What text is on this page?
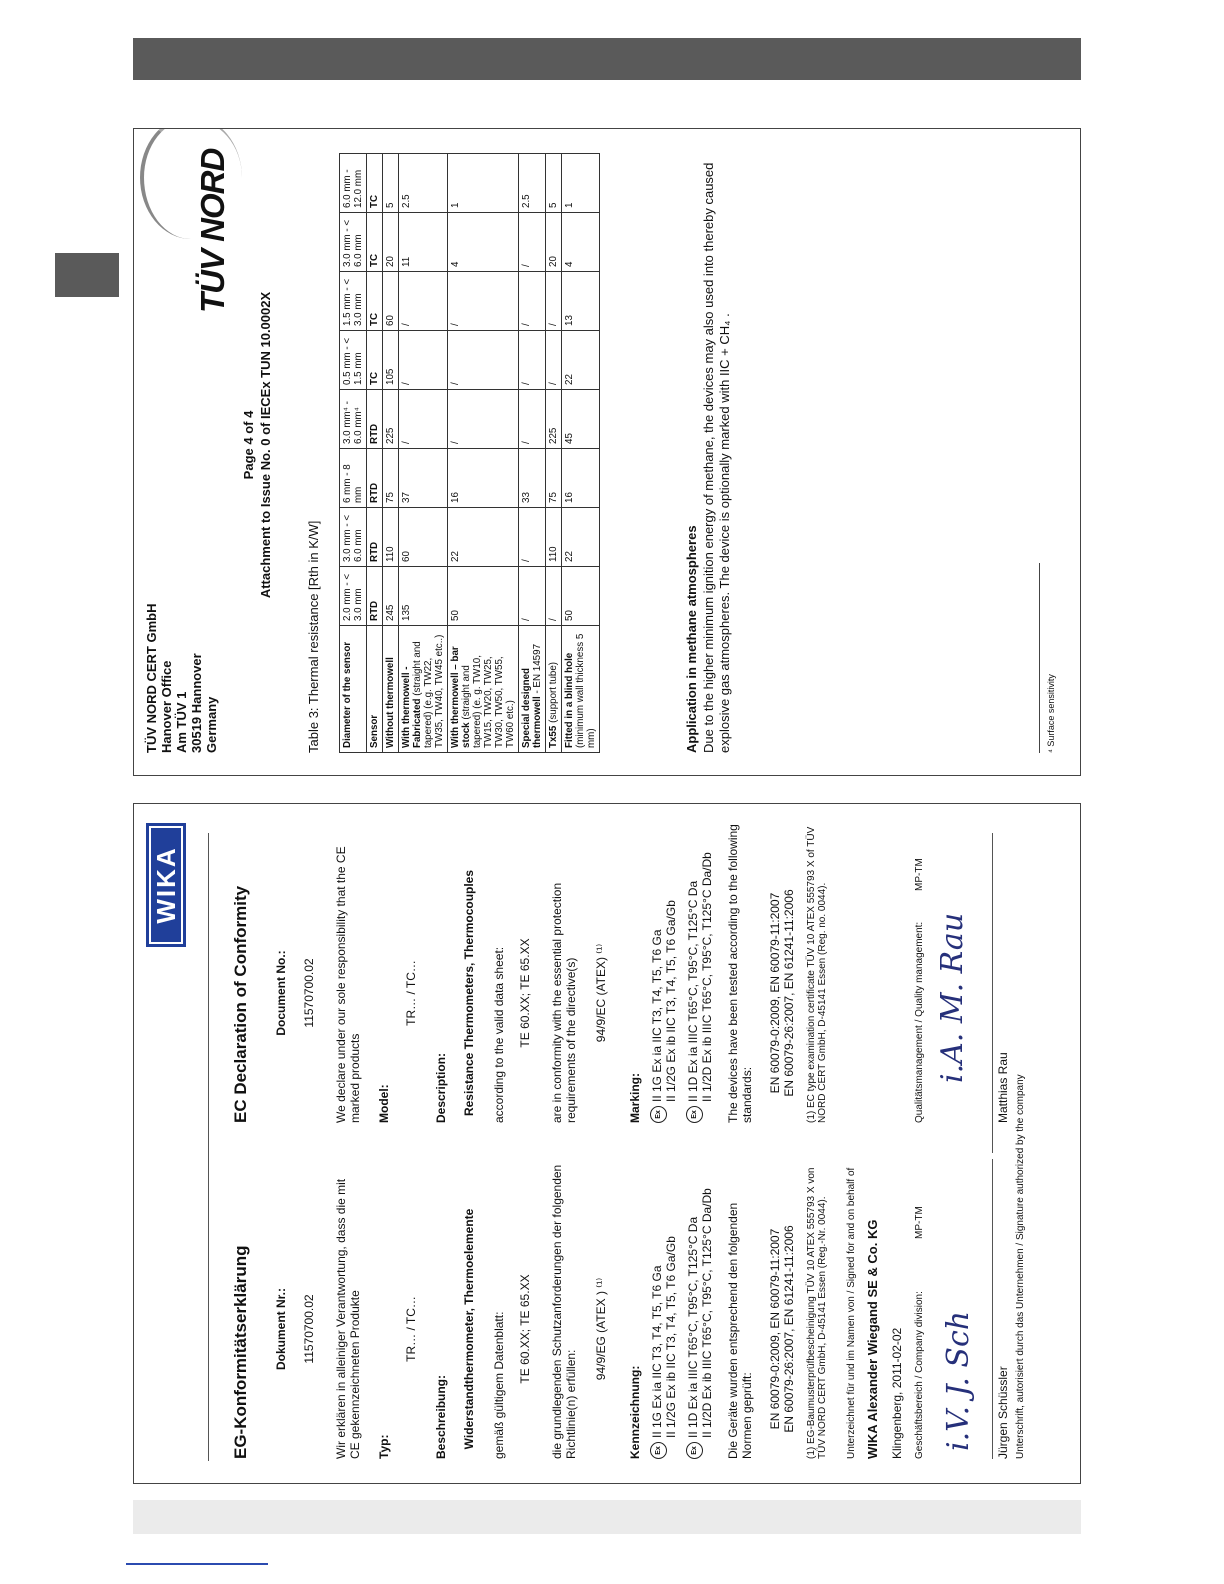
TÜV NORD CERT GmbH Hanover Office Am TÜV 1 30519 Hannover Germany
Page 4 of 4 Attachment to Issue No. 0 of IECEx TUN 10.0002X
TÜV NORD
Table 3: Thermal resistance [Rth in K/W] Diameter of the sensor	2.0 mm - < 3.0 mm	3.0 mm - < 6.0 mm	6 mm - 8 mm	3.0 mm⁴ - 6.0 mm⁴	0.5 mm - < 1.5 mm	1.5 mm - < 3.0 mm	3.0 mm - < 6.0 mm	6.0 mm - 12.0 mm
Sensor	RTD	RTD	RTD	RTD	TC	TC	TC	TC
Without thermowell	245	110	75	225	105	60	20	5
With thermowell - Fabricated (straight and tapered) (e.g. TW22, TW35, TW40, TW45 etc..)	135	60	37	/	/	/	11	2.5
With thermowell – bar stock (straight and tapered) (e. g. TW10, TW15, TW20, TW25, TW30, TW50, TW55, TW60 etc.)	50	22	16	/	/	/	4	1
Special designed thermowell - EN 14597	/	/	33	/	/	/	/	2.5
Tx55 (support tube)	/	110	75	225	/	/	20	5
Fitted in a blind hole (minimum wall thickness 5 mm)	50	22	16	45	22	13	4	1
Application in methane atmospheres Due to the higher minimum ignition energy of methane, the devices may also used into thereby caused explosive gas atmospheres. The device is optionally marked with IIC + CH₄ .	⁴ Surface sensitivity
WIKA
EG-Konformitätserklärung Dokument Nr.: 11570700.02 Wir erklären in alleiniger Verantwortung, dass die mit CE gekennzeichneten Produkte Typ:
TR… / TC…
Beschreibung: Widerstandthermometer, Thermoelemente gemäß gültigem Datenblatt: TE 60.XX; TE 65.XX die grundlegenden Schutzanforderungen der folgenden Richtlinie(n) erfüllen:
94/9/EG (ATEX ) ⁽¹⁾
Kennzeichnung:	ExII 1G Ex ia IIC T3, T4, T5, T6 Ga
II 1/2G Ex ib IIC T3, T4, T5, T6 Ga/Gb
ExII 1D Ex ia IIIC T65°C, T95°C, T125°C Da
II 1/2D Ex ib IIIC T65°C, T95°C, T125°C Da/Db Die Geräte wurden entsprechend den folgenden Normen geprüft: EN 60079-0:2009, EN 60079-11:2007 EN 60079-26:2007, EN 61241-11:2006 (1) EG-Baumusterprüfbescheinigung TÜV 10 ATEX 555793 X von TÜV NORD CERT GmbH, D-45141 Essen (Reg.-Nr. 0044). Unterzeichnet für und im Namen von / Signed for and on behalf of WIKA Alexander Wiegand SE & Co. KG Klingenberg, 2011-02-02 Geschäftsbereich / Company division:
MP-TM
i.V. J. Sch Jürgen Schüssler Unterschrift, autorisiert durch das Unternehmen / Signature authorized by the company
EC Declaration of Conformity Document No.: 11570700.02 We declare under our sole responsibility that the CE marked products Model:
TR… / TC…
Description: Resistance Thermometers, Thermocouples according to the valid data sheet: TE 60.XX; TE 65.XX are in conformity with the essential protection requirements of the directive(s) 94/9/EC (ATEX) ⁽¹⁾
Marking:	ExII 1G Ex ia IIC T3, T4, T5, T6 Ga
II 1/2G Ex ib IIC T3, T4, T5, T6 Ga/Gb
ExII 1D Ex ia IIIC T65°C, T95°C, T125°C Da
II 1/2D Ex ib IIIC T65°C, T95°C, T125°C Da/Db The devices have been tested according to the following standards:
EN 60079-0:2009, EN 60079-11:2007 EN 60079-26:2007, EN 61241-11:2006 (1) EC type examination certificate TÜV 10 ATEX 555793 X of TÜV NORD CERT GmbH, D-45141 Essen (Reg. no. 0044).	Qualitätsmanagement / Quality management:
MP-TM
i.A. M. Rau
Matthias Rau
